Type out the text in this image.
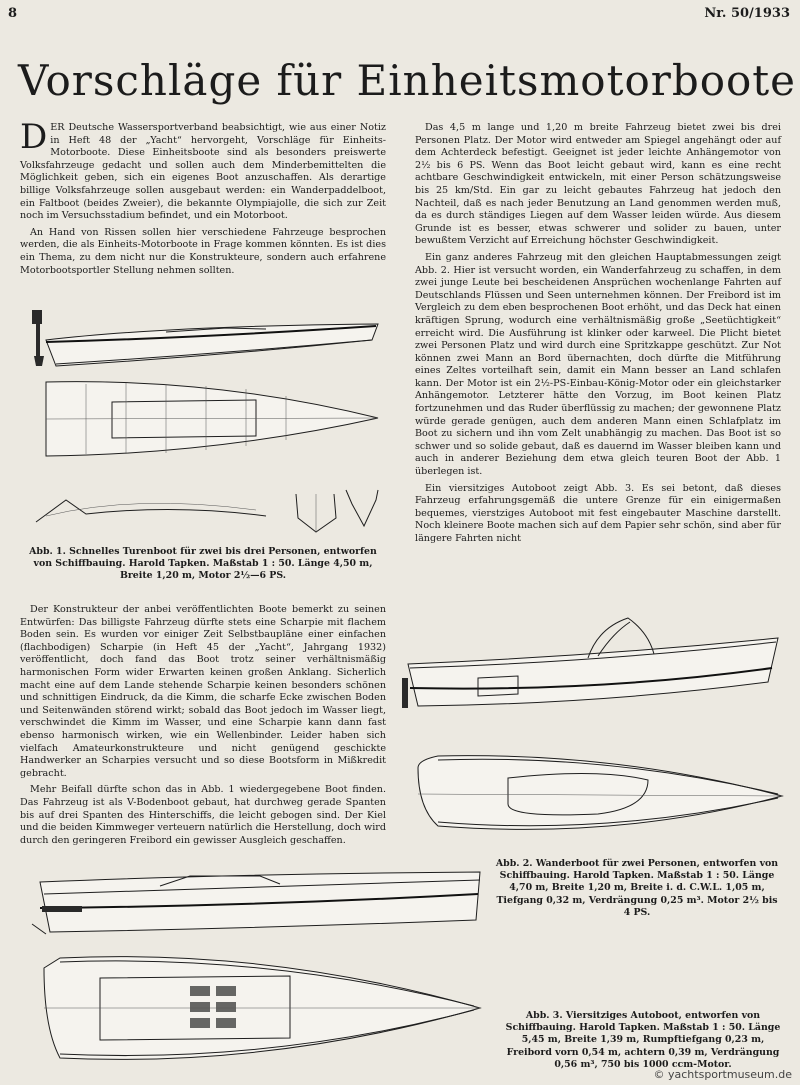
8	Nr. 50/1933
Vorschläge für Einheitsmotorboote

DER Deutsche Wassersportverband beabsichtigt, wie aus einer Notiz in Heft 48 der „Yacht“ hervorgeht, Vorschläge für Einheits-Motorboote. Diese Einheitsboote sind als besonders preiswerte Volksfahrzeuge gedacht und sollen auch dem Minderbemittelten die Möglichkeit geben, sich ein eigenes Boot anzuschaffen. Als derartige billige Volksfahrzeuge sollen ausgebaut werden: ein Wanderpaddelboot, ein Faltboot (beides Zweier), die bekannte Olympiajolle, die sich zur Zeit noch im Versuchsstadium befindet, und ein Motorboot.

An Hand von Rissen sollen hier verschiedene Fahrzeuge besprochen werden, die als Einheits-Motorboote in Frage kommen könnten. Es ist dies ein Thema, zu dem nicht nur die Konstrukteure, sondern auch erfahrene Motorbootsportler Stellung nehmen sollten.

Abb. 1. Schnelles Turenboot für zwei bis drei Personen, entworfen von Schiffbauing. Harold Tapken. Maßstab 1 : 50. Länge 4,50 m, Breite 1,20 m, Motor 2½—6 PS.

Der Konstrukteur der anbei veröffentlichten Boote bemerkt zu seinen Entwürfen: Das billigste Fahrzeug dürfte stets eine Scharpie mit flachem Boden sein. Es wurden vor einiger Zeit Selbstbaupläne einer einfachen (flachbodigen) Scharpie (in Heft 45 der „Yacht“, Jahrgang 1932) veröffentlicht, doch fand das Boot trotz seiner verhältnismäßig harmonischen Form wider Erwarten keinen großen Anklang. Sicherlich macht eine auf dem Lande stehende Scharpie keinen besonders schönen und schnittigen Eindruck, da die Kimm, die scharfe Ecke zwischen Boden und Seitenwänden störend wirkt; sobald das Boot jedoch im Wasser liegt, verschwindet die Kimm im Wasser, und eine Scharpie kann dann fast ebenso harmonisch wirken, wie ein Wellenbinder. Leider haben sich vielfach Amateurkonstrukteure und nicht genügend geschickte Handwerker an Scharpies versucht und so diese Bootsform in Mißkredit gebracht.

Mehr Beifall dürfte schon das in Abb. 1 wiedergegebene Boot finden. Das Fahrzeug ist als V-Bodenboot gebaut, hat durchweg gerade Spanten bis auf drei Spanten des Hinterschiffs, die leicht gebogen sind. Der Kiel und die beiden Kimmweger verteuern natürlich die Herstellung, doch wird durch den geringeren Freibord ein gewisser Ausgleich geschaffen.

Das 4,5 m lange und 1,20 m breite Fahrzeug bietet zwei bis drei Personen Platz. Der Motor wird entweder am Spiegel angehängt oder auf dem Achterdeck befestigt. Geeignet ist jeder leichte Anhängemotor von 2½ bis 6 PS. Wenn das Boot leicht gebaut wird, kann es eine recht achtbare Geschwindigkeit entwickeln, mit einer Person schätzungsweise bis 25 km/Std. Ein gar zu leicht gebautes Fahrzeug hat jedoch den Nachteil, daß es nach jeder Benutzung an Land genommen werden muß, da es durch ständiges Liegen auf dem Wasser leiden würde. Aus diesem Grunde ist es besser, etwas schwerer und solider zu bauen, unter bewußtem Verzicht auf Erreichung höchster Geschwindigkeit.

Ein ganz anderes Fahrzeug mit den gleichen Hauptabmessungen zeigt Abb. 2. Hier ist versucht worden, ein Wanderfahrzeug zu schaffen, in dem zwei junge Leute bei bescheidenen Ansprüchen wochenlange Fahrten auf Deutschlands Flüssen und Seen unternehmen können. Der Freibord ist im Vergleich zu dem eben besprochenen Boot erhöht, und das Deck hat einen kräftigen Sprung, wodurch eine verhältnismäßig große „Seetüchtigkeit“ erreicht wird. Die Ausführung ist klinker oder karweel. Die Plicht bietet zwei Personen Platz und wird durch eine Spritzkappe geschützt. Zur Not können zwei Mann an Bord übernachten, doch dürfte die Mitführung eines Zeltes vorteilhaft sein, damit ein Mann besser an Land schlafen kann. Der Motor ist ein 2½-PS-Einbau-König-Motor oder ein gleichstarker Anhängemotor. Letzterer hätte den Vorzug, im Boot keinen Platz fortzunehmen und das Ruder überflüssig zu machen; der gewonnene Platz würde gerade genügen, auch dem anderen Mann einen Schlafplatz im Boot zu sichern und ihn vom Zelt unabhängig zu machen. Das Boot ist so schwer und so solide gebaut, daß es dauernd im Wasser bleiben kann und auch in anderer Beziehung dem etwa gleich teuren Boot der Abb. 1 überlegen ist.

Ein viersitziges Autoboot zeigt Abb. 3. Es sei betont, daß dieses Fahrzeug erfahrungsgemäß die untere Grenze für ein einigermaßen bequemes, vierstziges Autoboot mit fest eingebauter Maschine darstellt. Noch kleinere Boote machen sich auf dem Papier sehr schön, sind aber für längere Fahrten nicht

Abb. 2. Wanderboot für zwei Personen, entworfen von Schiffbauing. Harold Tapken. Maßstab 1 : 50. Länge 4,70 m, Breite 1,20 m, Breite i. d. C.W.L. 1,05 m, Tiefgang 0,32 m, Verdrängung 0,25 m³. Motor 2½ bis 4 PS.
Abb. 3. Viersitziges Autoboot, entworfen von Schiffbauing. Harold Tapken. Maßstab 1 : 50. Länge 5,45 m, Breite 1,39 m, Rumpftiefgang 0,23 m, Freibord vorn 0,54 m, achtern 0,39 m, Verdrängung 0,56 m³, 750 bis 1000 ccm-Motor.
© yachtsportmuseum.de
